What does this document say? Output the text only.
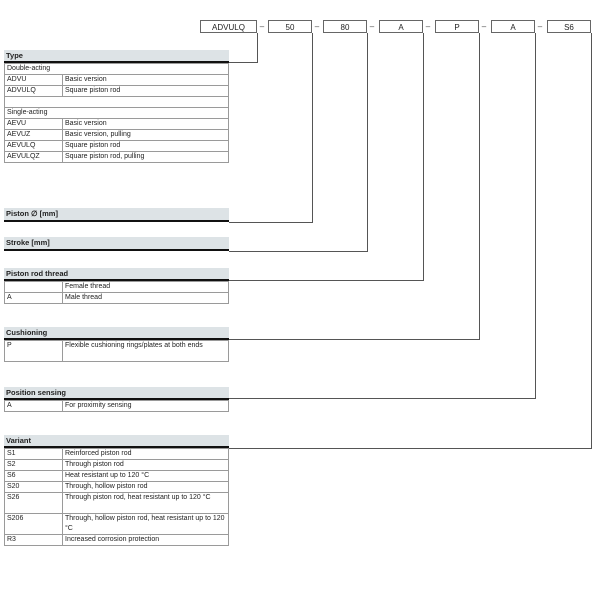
ADVULQ	–	50	–	80	–	A	–	P	–	A	–	S6
Type
Double-acting	
ADVU	Basic version
ADVULQ	Square piston rod

Single-acting	
AEVU	Basic version
AEVUZ	Basic version, pulling
AEVULQ	Square piston rod
AEVULQZ	Square piston rod, pulling
Piston ∅ [mm]
Stroke [mm]
Piston rod thread
	Female thread
A	Male thread
Cushioning
P	Flexible cushioning rings/plates at both ends
Position sensing
A	For proximity sensing
Variant
S1	Reinforced piston rod
S2	Through piston rod
S6	Heat resistant up to 120 °C
S20	Through, hollow piston rod
S26	Through piston rod, heat resistant up to 120 °C
S206	Through, hollow piston rod, heat resistant up to 120 °C
R3	Increased corrosion protection
